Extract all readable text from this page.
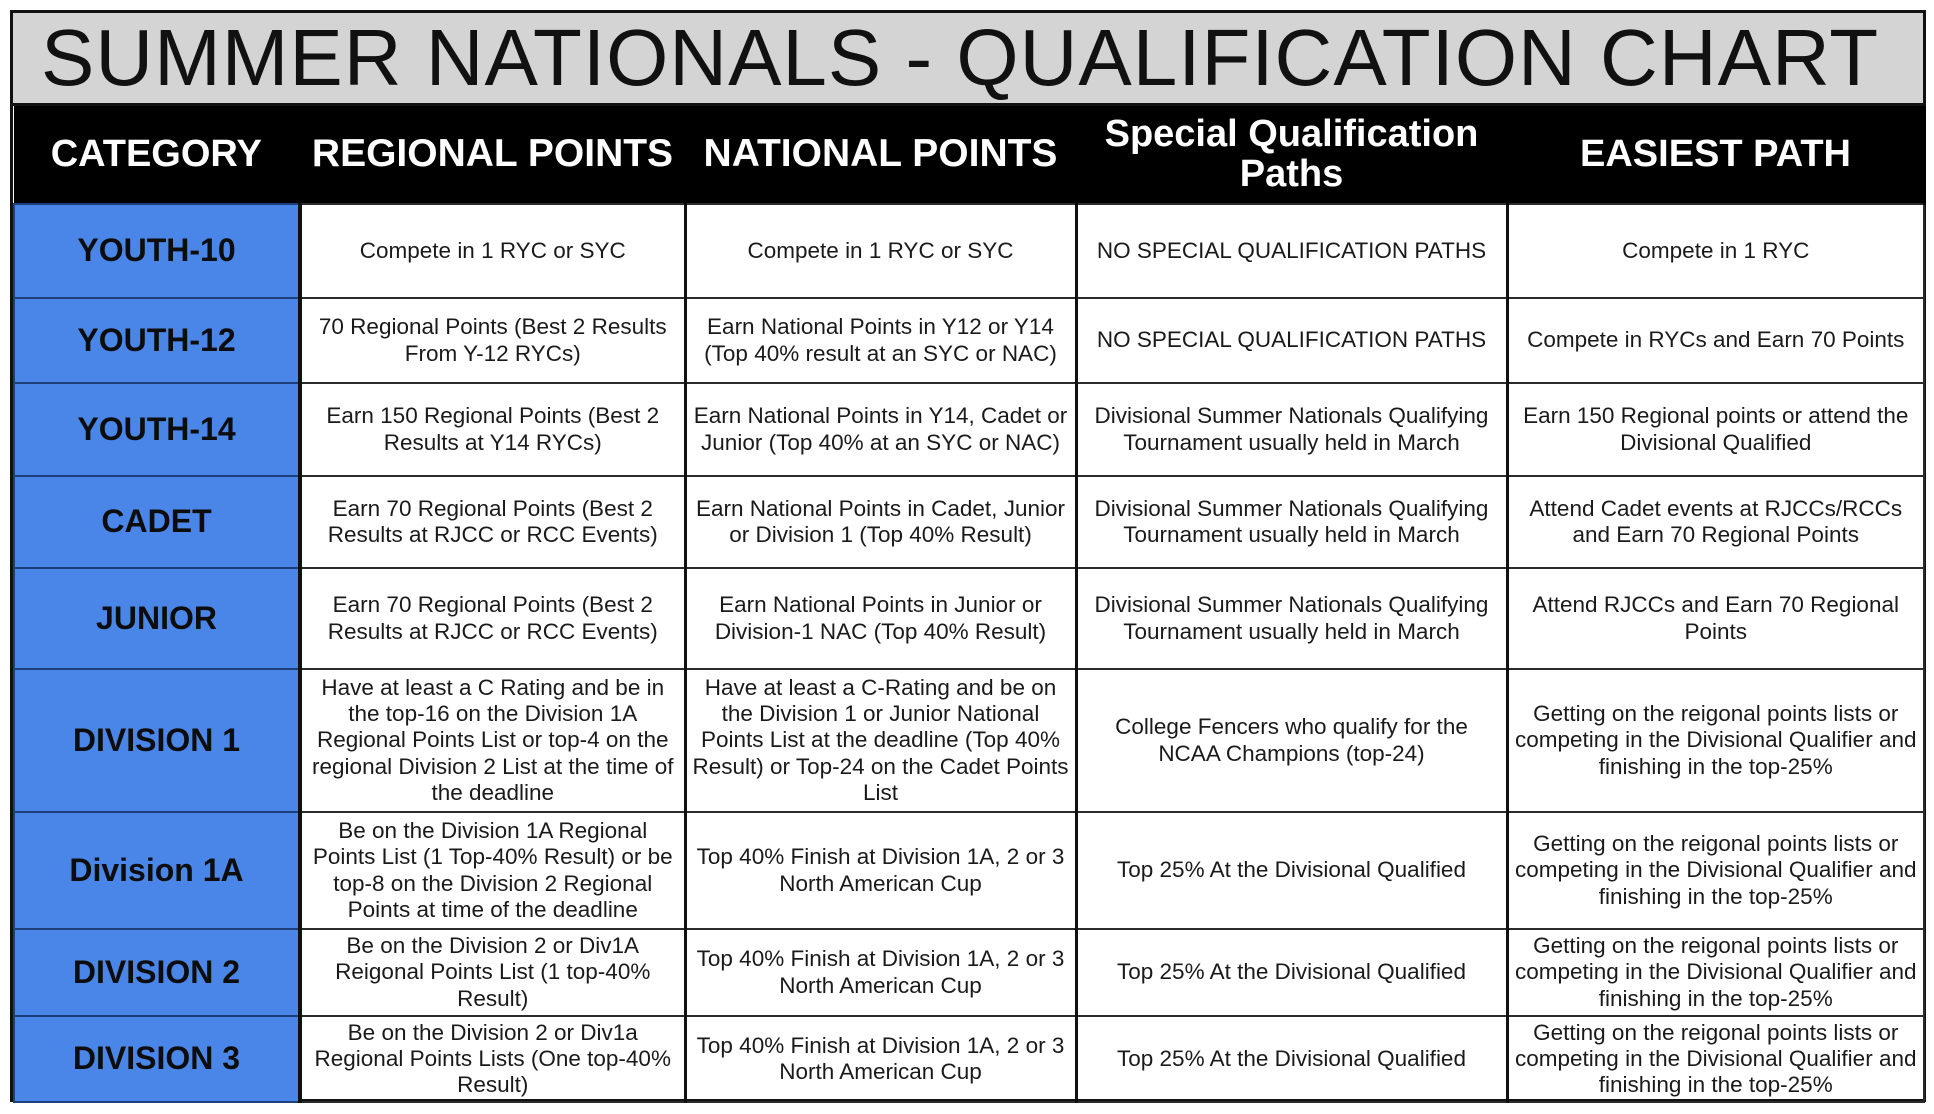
SUMMER NATIONALS - QUALIFICATION CHART
CATEGORY	REGIONAL POINTS	NATIONAL POINTS	Special Qualification Paths	EASIEST PATH
YOUTH-10	Compete in 1 RYC or SYC	Compete in 1 RYC or SYC	NO SPECIAL QUALIFICATION PATHS	Compete in 1 RYC
YOUTH-12	70 Regional Points (Best 2 Results From Y-12 RYCs)	Earn National Points in Y12 or Y14 (Top 40% result at an SYC or NAC)	NO SPECIAL QUALIFICATION PATHS	Compete in RYCs and Earn 70 Points
YOUTH-14	Earn 150 Regional Points (Best 2 Results at Y14 RYCs)	Earn National Points in Y14, Cadet or Junior (Top 40% at an SYC or NAC)	Divisional Summer Nationals Qualifying Tournament usually held in March	Earn 150 Regional points or attend the Divisional Qualified
CADET	Earn 70 Regional Points (Best 2 Results at RJCC or RCC Events)	Earn National Points in Cadet, Junior or Division 1 (Top 40% Result)	Divisional Summer Nationals Qualifying Tournament usually held in March	Attend Cadet events at RJCCs/RCCs and Earn 70 Regional Points
JUNIOR	Earn 70 Regional Points (Best 2 Results at RJCC or RCC Events)	Earn National Points in Junior or Division-1 NAC (Top 40% Result)	Divisional Summer Nationals Qualifying Tournament usually held in March	Attend RJCCs and Earn 70 Regional Points
DIVISION 1	Have at least a C Rating and be in the top-16 on the Division 1A Regional Points List or top-4 on the regional Division 2 List at the time of the deadline	Have at least a C-Rating and be on the Division 1 or Junior National Points List at the deadline (Top 40% Result) or Top-24 on the Cadet Points List	College Fencers who qualify for the NCAA Champions (top-24)	Getting on the reigonal points lists or competing in the Divisional Qualifier and finishing in the top-25%
Division 1A	Be on the Division 1A Regional Points List (1 Top-40% Result) or be top-8 on the Division 2 Regional Points at time of the deadline	Top 40% Finish at Division 1A, 2 or 3 North American Cup	Top 25% At the Divisional Qualified	Getting on the reigonal points lists or competing in the Divisional Qualifier and finishing in the top-25%
DIVISION 2	Be on the Division 2 or Div1A Reigonal Points List (1 top-40% Result)	Top 40% Finish at Division 1A, 2 or 3 North American Cup	Top 25% At the Divisional Qualified	Getting on the reigonal points lists or competing in the Divisional Qualifier and finishing in the top-25%
DIVISION 3	Be on the Division 2 or Div1a Regional Points Lists (One top-40% Result)	Top 40% Finish at Division 1A, 2 or 3 North American Cup	Top 25% At the Divisional Qualified	Getting on the reigonal points lists or competing in the Divisional Qualifier and finishing in the top-25%
